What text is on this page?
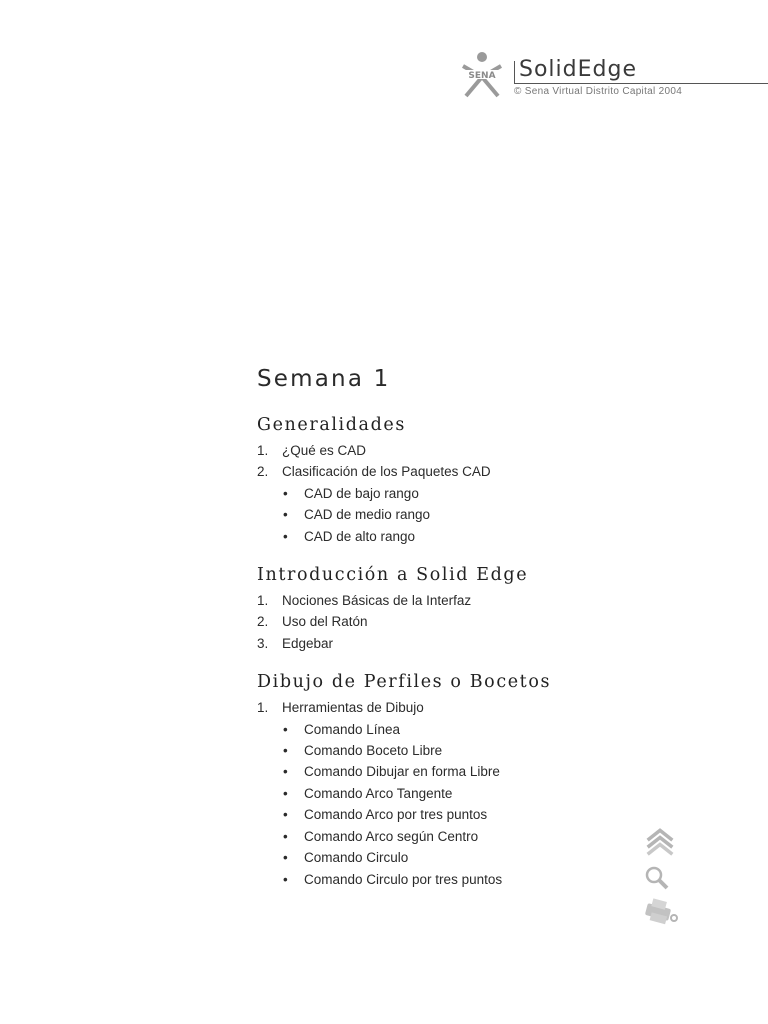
SENA SolidEdge
© Sena Virtual Distrito Capital 2004
Semana 1
Generalidades
1. ¿Qué es CAD
2. Clasificación de los Paquetes CAD
• CAD de bajo rango
• CAD de medio rango
• CAD de alto rango
Introducción a Solid Edge
1. Nociones Básicas de la Interfaz
2. Uso del Ratón
3. Edgebar
Dibujo de Perfiles o Bocetos
1. Herramientas de Dibujo
• Comando Línea
• Comando Boceto Libre
• Comando Dibujar en forma Libre
• Comando Arco Tangente
• Comando Arco por tres puntos
• Comando Arco según Centro
• Comando Circulo
• Comando Circulo por tres puntos
